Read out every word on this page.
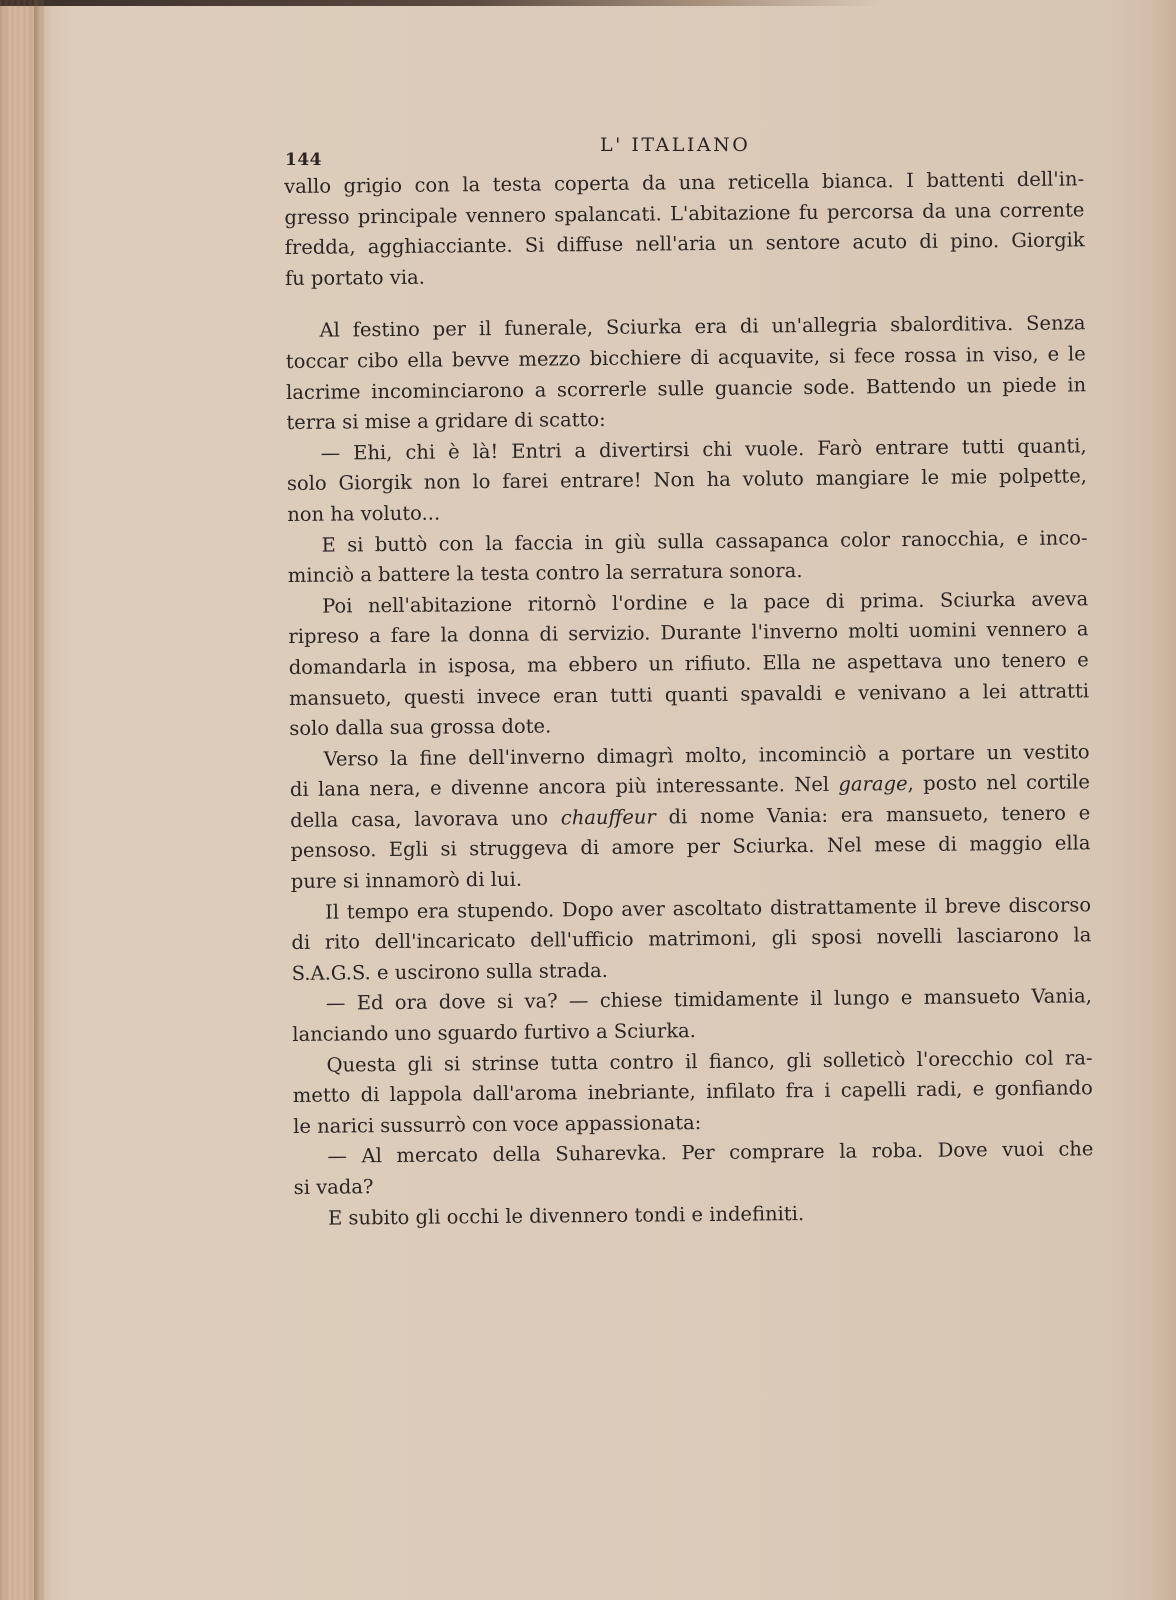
144
L' ITALIANO
vallo grigio con la testa coperta da una reticella bianca. I battenti dell'in-
gresso principale vennero spalancati. L'abitazione fu percorsa da una corrente
fredda, agghiacciante. Si diffuse nell'aria un sentore acuto di pino. Giorgik
fu portato via.
Al festino per il funerale, Sciurka era di un'allegria sbalorditiva. Senza
toccar cibo ella bevve mezzo bicchiere di acquavite, si fece rossa in viso, e le
lacrime incominciarono a scorrerle sulle guancie sode. Battendo un piede in
terra si mise a gridare di scatto:
— Ehi, chi è là! Entri a divertirsi chi vuole. Farò entrare tutti quanti,
solo Giorgik non lo farei entrare! Non ha voluto mangiare le mie polpette,
non ha voluto...
E si buttò con la faccia in giù sulla cassapanca color ranocchia, e inco-
minciò a battere la testa contro la serratura sonora.
Poi nell'abitazione ritornò l'ordine e la pace di prima. Sciurka aveva
ripreso a fare la donna di servizio. Durante l'inverno molti uomini vennero a
domandarla in isposa, ma ebbero un rifiuto. Ella ne aspettava uno tenero e
mansueto, questi invece eran tutti quanti spavaldi e venivano a lei attratti
solo dalla sua grossa dote.
Verso la fine dell'inverno dimagrì molto, incominciò a portare un vestito
di lana nera, e divenne ancora più interessante. Nel garage, posto nel cortile
della casa, lavorava uno chauffeur di nome Vania: era mansueto, tenero e
pensoso. Egli si struggeva di amore per Sciurka. Nel mese di maggio ella
pure si innamorò di lui.
Il tempo era stupendo. Dopo aver ascoltato distrattamente il breve discorso
di rito dell'incaricato dell'ufficio matrimoni, gli sposi novelli lasciarono la
S.A.G.S. e uscirono sulla strada.
— Ed ora dove si va? — chiese timidamente il lungo e mansueto Vania,
lanciando uno sguardo furtivo a Sciurka.
Questa gli si strinse tutta contro il fianco, gli solleticò l'orecchio col ra-
metto di lappola dall'aroma inebriante, infilato fra i capelli radi, e gonfiando
le narici sussurrò con voce appassionata:
— Al mercato della Suharevka. Per comprare la roba. Dove vuoi che
si vada?
E subito gli occhi le divennero tondi e indefiniti.
